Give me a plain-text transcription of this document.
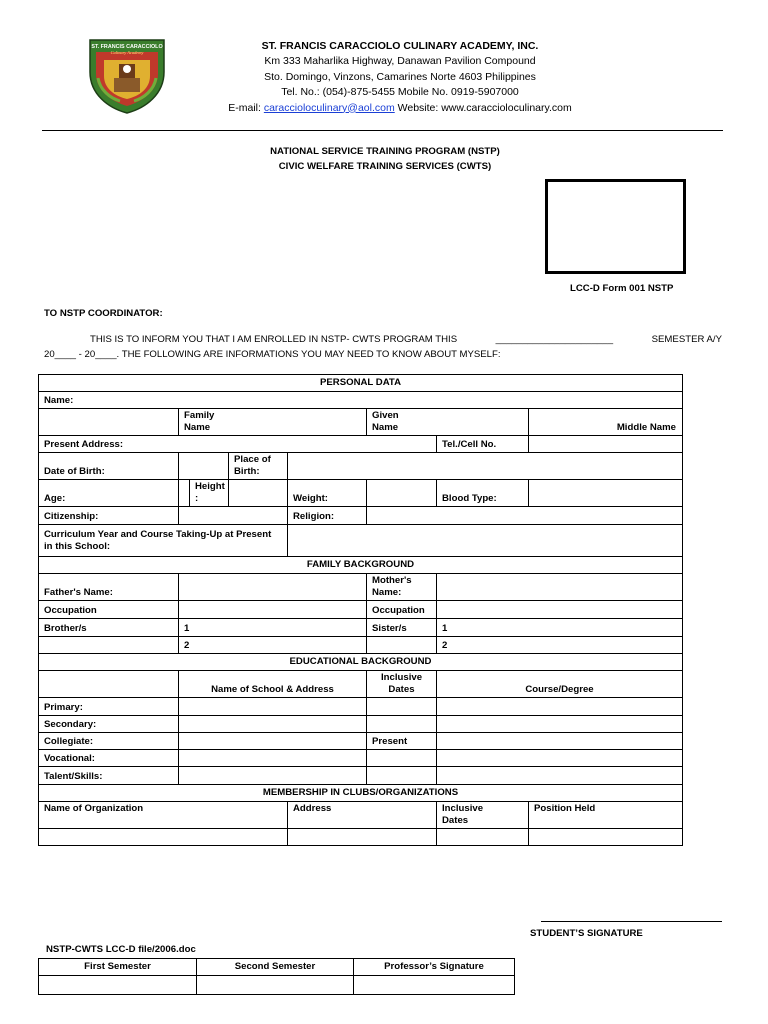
ST. FRANCIS CARACCIOLO
Culinary Academy
ST. FRANCIS CARACCIOLO CULINARY ACADEMY, INC.
Km 333 Maharlika Highway, Danawan Pavilion Compound
Sto. Domingo, Vinzons, Camarines Norte 4603 Philippines
Tel. No.: (054)-875-5455 Mobile No. 0919-5907000
E-mail: caraccioloculinary@aol.com Website: www.caraccioloculinary.com
NATIONAL SERVICE TRAINING PROGRAM (NSTP)
CIVIC WELFARE TRAINING SERVICES (CWTS)
LCC-D Form 001 NSTP
TO NSTP COORDINATOR:
THIS IS TO INFORM YOU THAT I AM ENROLLED IN NSTP- CWTS PROGRAM THIS	______________________	SEMESTER A/Y
20____ - 20____. THE FOLLOWING ARE INFORMATIONS YOU MAY NEED TO KNOW ABOUT MYSELF:
PERSONAL DATA							
Name:							
	Family Name				Given Name		Middle Name
Present Address:						Tel./Cell No.	
Date of Birth:			Place of Birth:				
Age:		Height :		Weight:		Blood Type:	
Citizenship:				Religion:			
Curriculum Year and Course Taking-Up at Present in this School:							
FAMILY BACKGROUND							
Father's Name:					Mother's Name:		
Occupation					Occupation		
Brother/s	1				Sister/s	1	
	2					2	
EDUCATIONAL BACKGROUND							
	Name of School & Address				Inclusive Dates	Course/Degree	
Primary:							
Secondary:							
Collegiate:					Present		
Vocational:							
Talent/Skills:							
MEMBERSHIP IN CLUBS/ORGANIZATIONS							
Name of Organization				Address		Inclusive Dates	Position Held

STUDENT’S SIGNATURE
NSTP-CWTS LCC-D file/2006.doc
First Semester	Second Semester	Professor’s Signature
